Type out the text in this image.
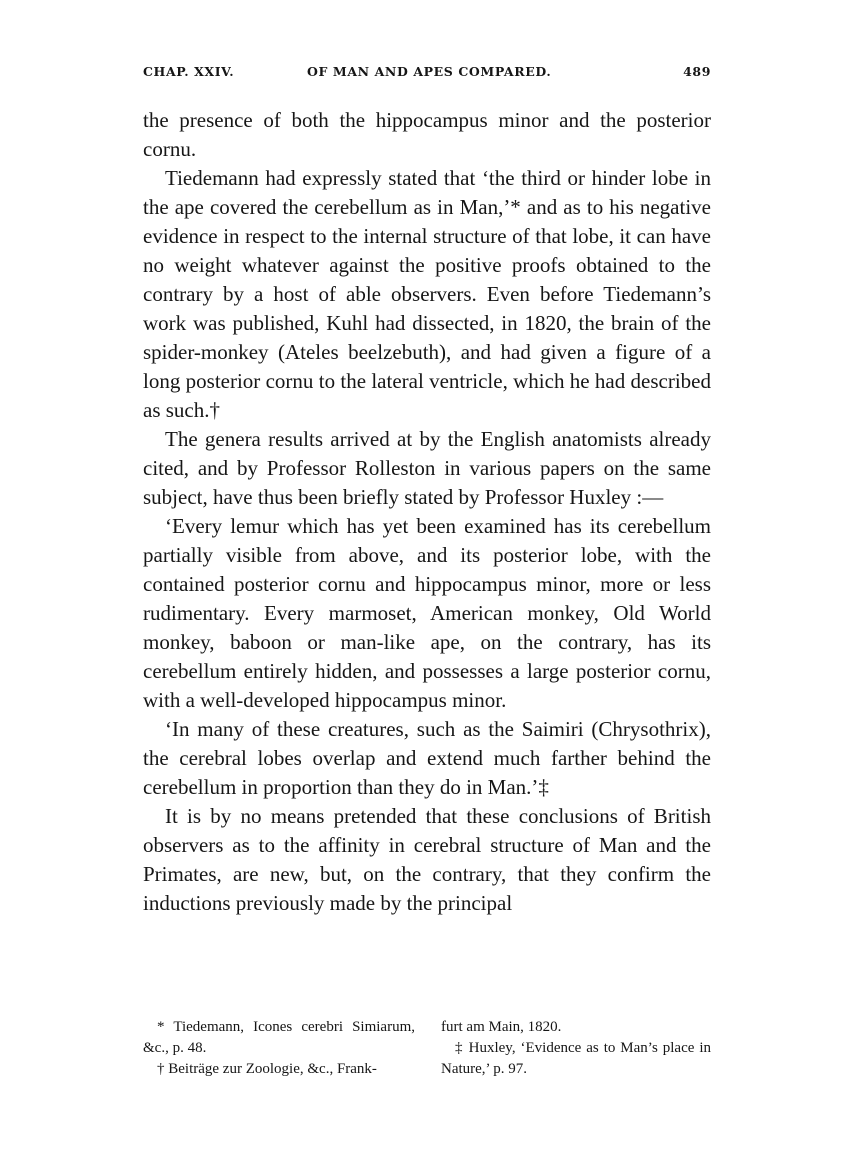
CHAP. XXIV.	OF MAN AND APES COMPARED.	489

the presence of both the hippocampus minor and the posterior cornu.

Tiedemann had expressly stated that ‘the third or hinder lobe in the ape covered the cerebellum as in Man,’* and as to his negative evidence in respect to the internal structure of that lobe, it can have no weight whatever against the positive proofs obtained to the contrary by a host of able observers. Even before Tiedemann’s work was published, Kuhl had dissected, in 1820, the brain of the spider-monkey (Ateles beelzebuth), and had given a figure of a long posterior cornu to the lateral ventricle, which he had described as such.†

The genera results arrived at by the English anatomists already cited, and by Professor Rolleston in various papers on the same subject, have thus been briefly stated by Professor Huxley :—

‘Every lemur which has yet been examined has its cerebellum partially visible from above, and its posterior lobe, with the contained posterior cornu and hippocampus minor, more or less rudimentary. Every marmoset, American monkey, Old World monkey, baboon or man-like ape, on the contrary, has its cerebellum entirely hidden, and possesses a large posterior cornu, with a well-developed hippocampus minor.

‘In many of these creatures, such as the Saimiri (Chrysothrix), the cerebral lobes overlap and extend much farther behind the cerebellum in proportion than they do in Man.’‡

It is by no means pretended that these conclusions of British observers as to the affinity in cerebral structure of Man and the Primates, are new, but, on the contrary, that they confirm the inductions previously made by the principal

* Tiedemann, Icones cerebri Simiarum, &c., p. 48.

† Beiträge zur Zoologie, &c., Frank-

furt am Main, 1820.

‡ Huxley, ‘Evidence as to Man’s place in Nature,’ p. 97.
